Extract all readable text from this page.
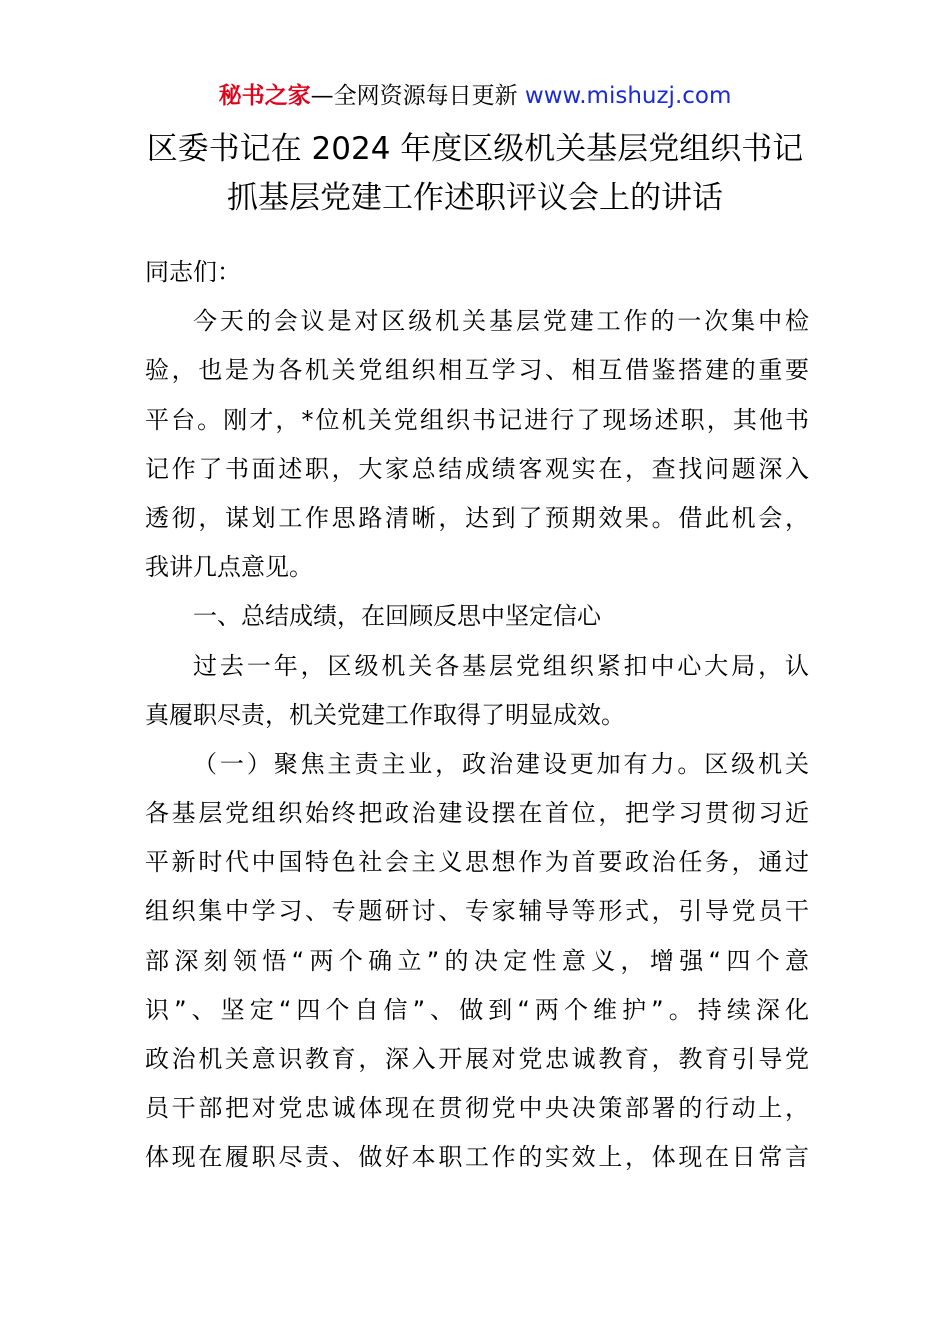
秘书之家—全网资源每日更新 www.mishuzj.com
区委书记在 2024 年度区级机关基层党组织书记
抓基层党建工作述职评议会上的讲话
同志们：
今天的会议是对区级机关基层党建工作的一次集中检
验，也是为各机关党组织相互学习、相互借鉴搭建的重要
平台。刚才，*位机关党组织书记进行了现场述职，其他书
记作了书面述职，大家总结成绩客观实在，查找问题深入
透彻，谋划工作思路清晰，达到了预期效果。借此机会，
我讲几点意见。
一、总结成绩，在回顾反思中坚定信心
过去一年，区级机关各基层党组织紧扣中心大局，认
真履职尽责，机关党建工作取得了明显成效。
（一）聚焦主责主业，政治建设更加有力。区级机关
各基层党组织始终把政治建设摆在首位，把学习贯彻习近
平新时代中国特色社会主义思想作为首要政治任务，通过
组织集中学习、专题研讨、专家辅导等形式，引导党员干
部深刻领悟“两个确立”的决定性意义，增强“四个意
识”、坚定“四个自信”、做到“两个维护”。持续深化
政治机关意识教育，深入开展对党忠诚教育，教育引导党
员干部把对党忠诚体现在贯彻党中央决策部署的行动上，
体现在履职尽责、做好本职工作的实效上，体现在日常言
